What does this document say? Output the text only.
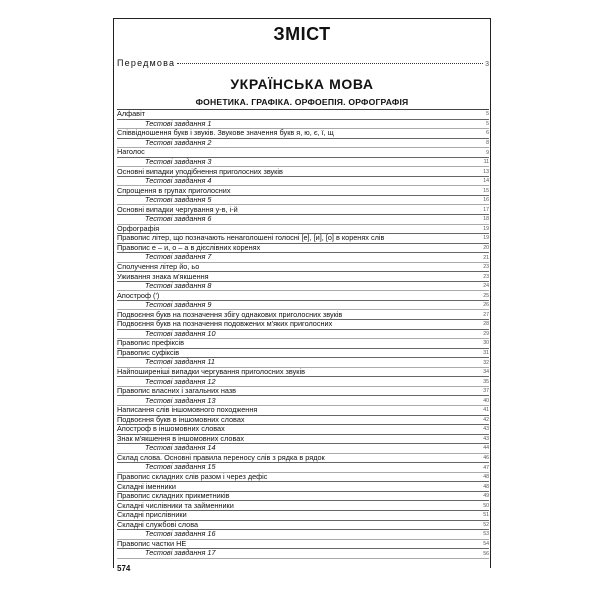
ЗМІСТ
Передмова	3
УКРАЇНСЬКА МОВА
ФОНЕТИКА. ГРАФІКА. ОРФОЕПІЯ. ОРФОГРАФІЯ
Алфавіт	5
Тестові завдання 1	5
Співвідношення букв і звуків. Звукове значення букв я, ю, є, ї, щ	6
Тестові завдання 2	8
Наголос	9
Тестові завдання 3	11
Основні випадки уподібнення приголосних звуків	13
Тестові завдання 4	14
Спрощення в групах приголосних	15
Тестові завдання 5	16
Основні випадки чергування у-в, і-й	17
Тестові завдання 6	18
Орфографія	19
Правопис літер, що позначають ненаголошені голосні [е], [и], [о] в коренях слів	19
Правопис е – и, о – а в дієслівних коренях	20
Тестові завдання 7	21
Сполучення літер йо, ьо	23
Уживання знака м'якшення	23
Тестові завдання 8	24
Апостроф (')	25
Тестові завдання 9	26
Подвоєння букв на позначення збігу однакових приголосних звуків	27
Подвоєння букв на позначення подовжених м'яких приголосних	28
Тестові завдання 10	29
Правопис префіксів	30
Правопис суфіксів	31
Тестові завдання 11	32
Найпоширеніші випадки чергування приголосних звуків	34
Тестові завдання 12	35
Правопис власних і загальних назв	37
Тестові завдання 13	40
Написання слів іншомовного походження	41
Подвоєння букв в іншомовних словах	42
Апостроф в іншомовних словах	43
Знак м'якшення в іншомовних словах	43
Тестові завдання 14	44
Склад слова. Основні правила переносу слів з рядка в рядок	46
Тестові завдання 15	47
Правопис складних слів разом і через дефіс	48
Складні іменники	48
Правопис складних прикметників	49
Складні числівники та займенники	50
Складні прислівники	51
Складні службові слова	52
Тестові завдання 16	53
Правопис частки НЕ	54
Тестові завдання 17	56
574
